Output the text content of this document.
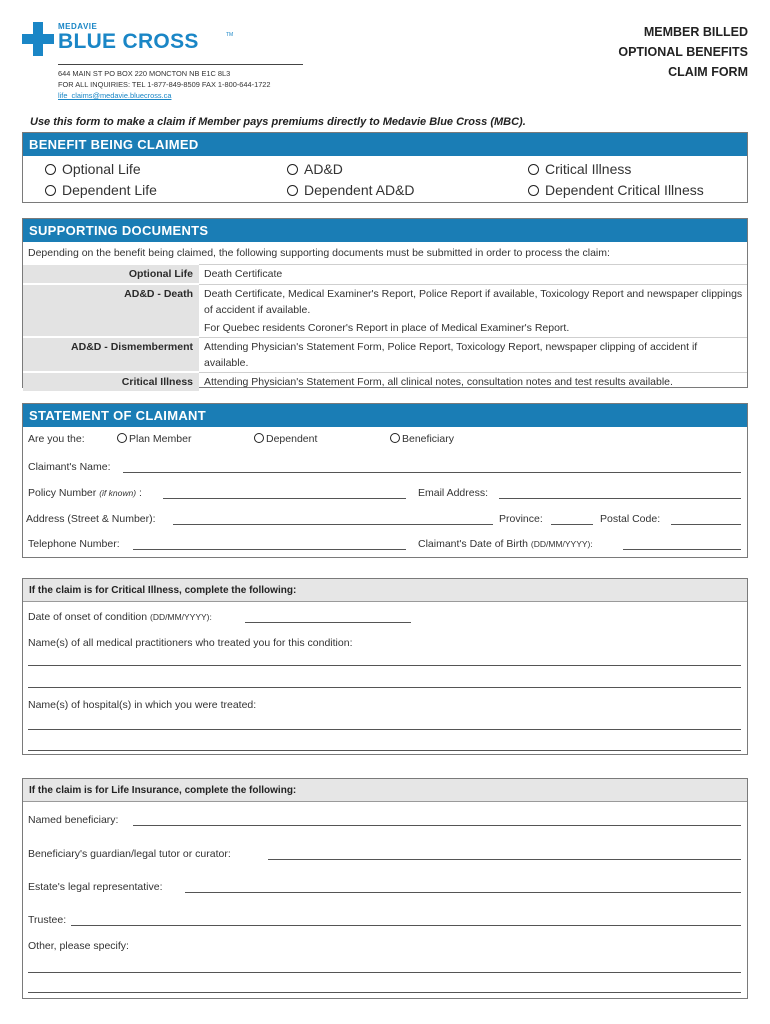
MEDAVIE
BLUE CROSS	TM
644 MAIN ST PO BOX 220 MONCTON NB E1C 8L3
FOR ALL INQUIRIES: TEL 1-877-849-8509 FAX 1-800-644-1722
life_claims@medavie.bluecross.ca
MEMBER BILLED
OPTIONAL BENEFITS
CLAIM FORM
Use this form to make a claim if Member pays premiums directly to Medavie Blue Cross (MBC).
BENEFIT BEING CLAIMED
Optional Life	AD&D	Critical Illness
Dependent Life	Dependent AD&D	Dependent Critical Illness
SUPPORTING DOCUMENTS
Depending on the benefit being claimed, the following supporting documents must be submitted in order to process the claim:
Optional Life	Death Certificate
AD&D - Death	Death Certificate, Medical Examiner's Report, Police Report if available, Toxicology Report and newspaper clippings of accident if available.
	For Quebec residents Coroner's Report in place of Medical Examiner's Report.
AD&D - Dismemberment	Attending Physician's Statement Form, Police Report, Toxicology Report, newspaper clipping of accident if available.
Critical Illness	Attending Physician's Statement Form, all clinical notes, consultation notes and test results available.
STATEMENT OF CLAIMANT
Are you the:	Plan Member	Dependent	Beneficiary
Claimant's Name:
Policy Number (if known) :	Email Address:
Address (Street & Number):	Province:	Postal Code:
Telephone Number:	Claimant's Date of Birth (DD/MM/YYYY):
If the claim is for Critical Illness, complete the following:
Date of onset of condition (DD/MM/YYYY):
Name(s) of all medical practitioners who treated you for this condition:
Name(s) of hospital(s) in which you were treated:
If the claim is for Life Insurance, complete the following:
Named beneficiary:
Beneficiary's guardian/legal tutor or curator:
Estate's legal representative:
Trustee:
Other, please specify:
